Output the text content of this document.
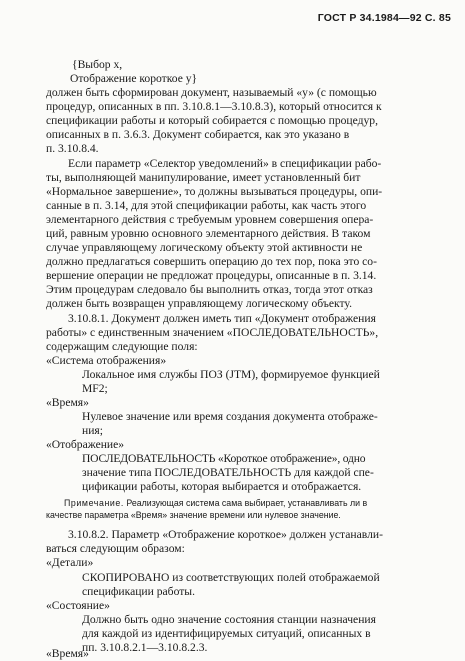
ГОСТ Р 34.1984—92 С. 85
{Выбор x,
Отображение короткое у}
должен быть сформирован документ, называемый «у» (с помощью
процедур, описанных в пп. 3.10.8.1—3.10.8.3), который относится к
спецификации работы и который собирается с помощью процедур,
описанных в п. 3.6.3. Документ собирается, как это указано в
п. 3.10.8.4.
Если параметр «Селектор уведомлений» в спецификации рабо-
ты, выполняющей манипулирование, имеет установленный бит
«Нормальное завершение», то должны вызываться процедуры, опи-
санные в п. 3.14, для этой спецификации работы, как часть этого
элементарного действия с требуемым уровнем совершения опера-
ций, равным уровню основного элементарного действия. В таком
случае управляющему логическому объекту этой активности не
должно предлагаться совершить операцию до тех пор, пока это со-
вершение операции не предложат процедуры, описанные в п. 3.14.
Этим процедурам следовало бы выполнить отказ, тогда этот отказ
должен быть возвращен управляющему логическому объекту.
3.10.8.1. Документ должен иметь тип «Документ отображения
работы» с единственным значением «ПОСЛЕДОВАТЕЛЬНОСТЬ»,
содержащим следующие поля:
«Система отображения»
Локальное имя службы ПОЗ (JTM), формируемое функцией
MF2;
«Время»
Нулевое значение или время создания документа отображе-
ния;
«Отображение»
ПОСЛЕДОВАТЕЛЬНОСТЬ «Короткое отображение», одно
значение типа ПОСЛЕДОВАТЕЛЬНОСТЬ для каждой спе-
цификации работы, которая выбирается и отображается.
Примечание. Реализующая система сама выбирает, устанавливать ли в
качестве параметра «Время» значение времени или нулевое значение.
3.10.8.2. Параметр «Отображение короткое» должен устанавли-
ваться следующим образом:
«Детали»
СКОПИРОВАНО из соответствующих полей отображаемой
спецификации работы.
«Состояние»
Должно быть одно значение состояния станции назначения
для каждой из идентифицируемых ситуаций, описанных в
пп. 3.10.8.2.1—3.10.8.2.3.
«Время»
